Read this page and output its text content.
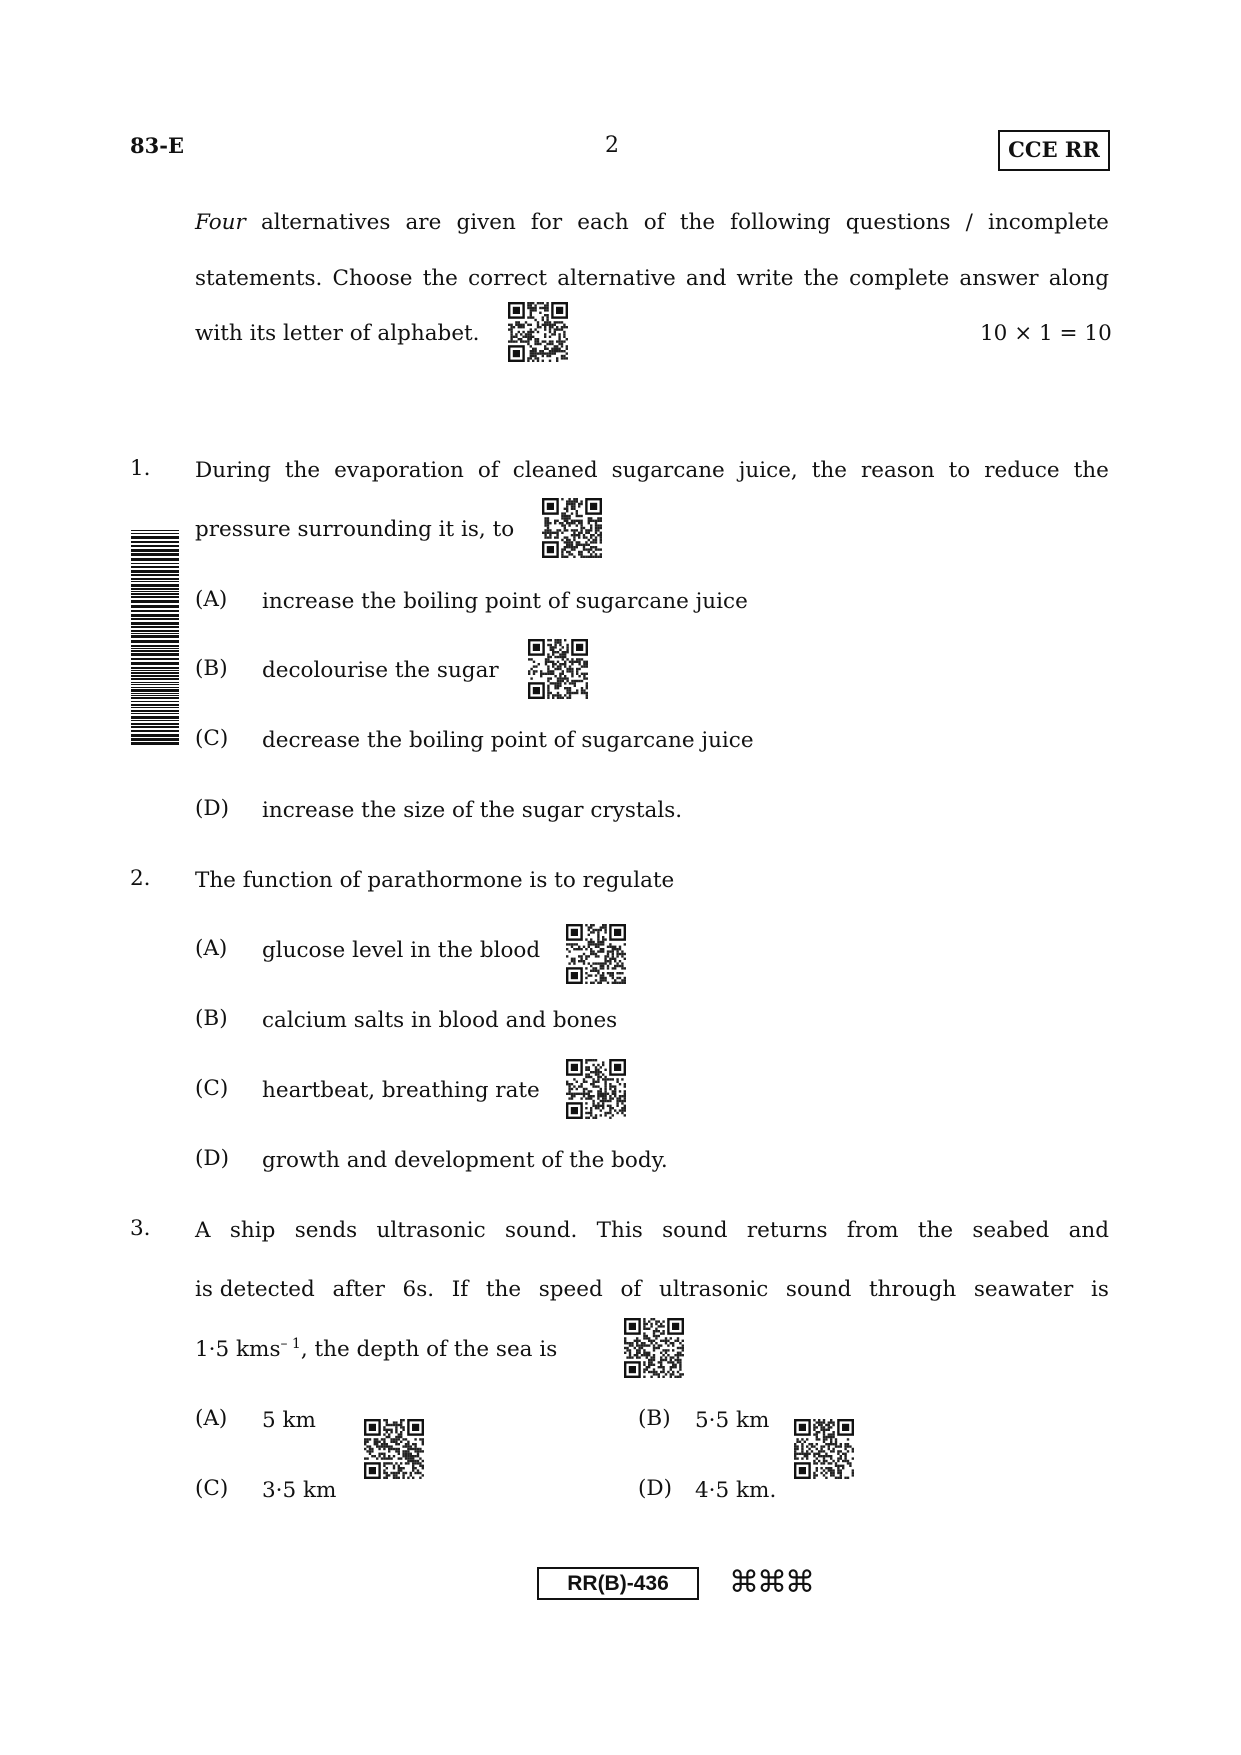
83-E	2	CCE RR
Four alternatives are given for each of the following questions / incomplete
statements. Choose the correct alternative and write the complete answer along
with its letter of alphabet.	10 × 1 = 10
1. During the evaporation of cleaned sugarcane juice, the reason to reduce the
pressure surrounding it is, to
(A) increase the boiling point of sugarcane juice
(B) decolourise the sugar
(C) decrease the boiling point of sugarcane juice
(D) increase the size of the sugar crystals.
2. The function of parathormone is to regulate
(A) glucose level in the blood
(B) calcium salts in blood and bones
(C) heartbeat, breathing rate
(D) growth and development of the body.
3. A ship sends ultrasonic sound. This sound returns from the seabed and
is detected after 6s. If the speed of ultrasonic sound through seawater is
1·5 kms$^{- 1}$, the depth of the sea is
(A) 5 km	(B) 5·5 km
(C) 3·5 km	(D) 4·5 km.
RR(B)-436	⌘⌘⌘
